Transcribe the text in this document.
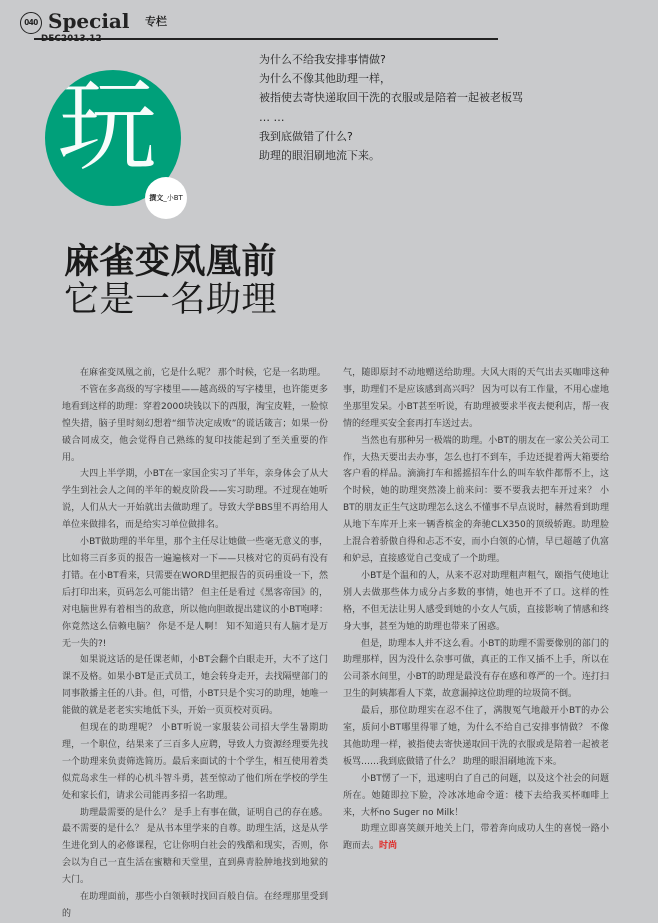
040 Special 专栏
为什么不给我安排事情做?
为什么不像其他助理一样，
被指使去寄快递取回干洗的衣服或是陪着一起被老板骂
… …
我到底做错了什么?
助理的眼泪刷地流下来。
玩
撰文 _小BT
麻雀变凤凰前
它是一名助理

在麻雀变凤凰之前，它是什么呢？ 那个时候，它是一名助理。

不管在多高级的写字楼里——越高级的写字楼里，也许能更多地看到这样的助理：穿着2000块钱以下的西服，淘宝皮鞋，一脸惊惶失措，脑子里时刻幻想着“细节决定成败”的谎话箴言；如果一份破合同成交，他会觉得自己熟练的复印技能起到了至关重要的作用。

大四上半学期，小BT在一家国企实习了半年，亲身体会了从大学生到社会人之间的半年的蜕皮阶段——实习助理。不过现在她听说，人们从大一开始就出去做助理了。导致大学BBS里不再给用人单位来做排名，而是给实习单位做排名。

小BT做助理的半年里，那个主任尽让她做一些毫无意义的事，比如将三百多页的报告一遍遍核对一下——只核对它的页码有没有打错。在小BT看来，只需要在WORD里把报告的页码重设一下，然后打印出来，页码怎么可能出错？ 但主任是看过《黑客帝国》的，对电脑世界有着相当的敌意，所以他向胆敢提出建议的小BT咆哮：你竟然这么信赖电脑？ 你是不是人啊！ 知不知道只有人脑才是万无一失的?!

如果说这话的是任课老师，小BT会翻个白眼走开，大不了这门课不及格。如果小BT是正式员工，她会转身走开，去找隔壁部门的同事散播主任的八卦。但，可惜，小BT只是个实习的助理，她唯一能做的就是老老实实地低下头，开始一页页校对页码。

但现在的助理呢？ 小BT听说一家服装公司招大学生暑期助理，一个职位，结果来了三百多人应聘，导致人力资源经理要先找一个助理来负责筛选简历。最后来面试的十个学生，相互使用着类似荒岛求生一样的心机斗智斗勇，甚至惊动了他们所在学校的学生处和家长们，请求公司能再多招一名助理。

助理最需要的是什么？ 是手上有事在做，证明自己的存在感。最不需要的是什么？ 是从书本里学来的自尊。助理生活，这是从学生进化到人的必修课程，它让你明白社会的残酷和现实，否则，你会以为自己一直生活在蜜糖和天堂里，直到鼻青脸肿地找到地狱的大门。

在助理面前，那些小白领顿时找回百般自信。在经理那里受到的

气，随即原封不动地赠送给助理。大风大雨的天气出去买咖啡这种事，助理们不是应该感到高兴吗？ 因为可以有工作量，不用心虚地坐那里发呆。小BT甚至听说，有助理被要求半夜去便利店，帮一夜情的经理买安全套再打车送过去。

当然也有那种另一极端的助理。小BT的朋友在一家公关公司工作，大热天要出去办事，怎么也打不到车，手边还提着两大箱要给客户看的样品。滴滴打车和摇摇招车什么的叫车软件都帮不上，这个时候，她的助理突然凑上前来问：要不要我去把车开过来？ 小BT的朋友正生气这助理怎么这么不懂事不早点说时，赫然看到助理从地下车库开上来一辆香槟金的奔驰CLX350的顶级轿跑。助理脸上混合着骄傲自得和忐忑不安，而小白领的心情，早已超越了仇富和妒忌，直接感觉自己变成了一个助理。

小BT是个温和的人，从来不忍对助理粗声粗气，颐指气使地让别人去做那些体力成分占多数的事情，她也开不了口。这样的性格，不但无法让男人感受到她的小女人气质，直接影响了情感和终身大事，甚至为她的助理也带来了困惑。

但是，助理本人并不这么看。小BT的助理不需要像别的部门的助理那样，因为没什么杂事可做，真正的工作又插不上手，所以在公司茶水间里，小BT的助理是最没有存在感和尊严的一个。连打扫卫生的阿姨都看人下菜，故意漏掉这位助理的垃圾筒不倒。

最后，那位助理实在忍不住了，满腹冤气地敲开小BT的办公室，质问小BT哪里得罪了她，为什么不给自己安排事情做？ 不像其他助理一样，被指使去寄快递取回干洗的衣服或是陪着一起被老板骂……我到底做错了什么？ 助理的眼泪刷地流下来。

小BT愣了一下，迅速明白了自己的问题，以及这个社会的问题所在。她随即拉下脸，冷冰冰地命令道：楼下去给我买杯咖啡上来，大杯no Suger no Milk！

助理立即喜笑颜开地关上门，带着奔向成功人生的喜悦一路小跑而去。时尚
